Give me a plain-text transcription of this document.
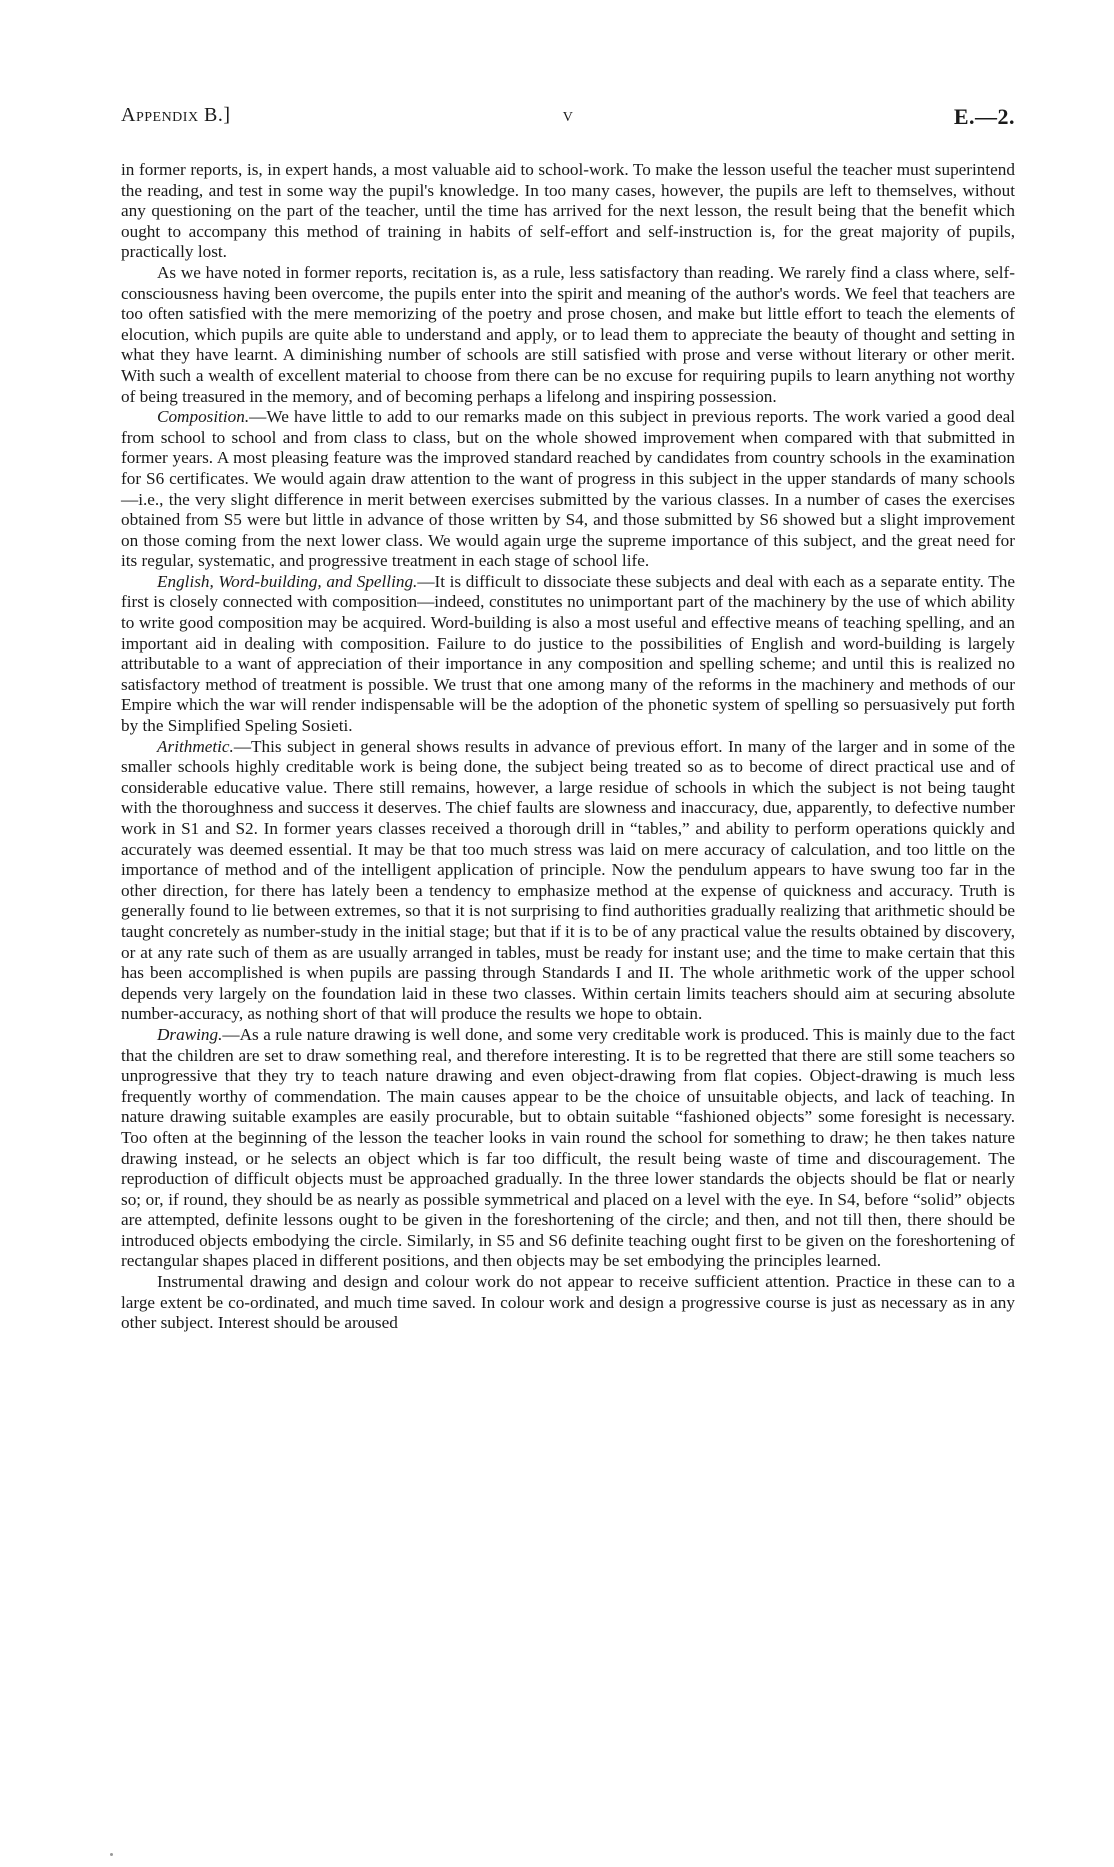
Appendix B.]	v	E.—2.

in former reports, is, in expert hands, a most valuable aid to school-work. To make the lesson useful the teacher must superintend the reading, and test in some way the pupil's knowledge. In too many cases, however, the pupils are left to themselves, without any questioning on the part of the teacher, until the time has arrived for the next lesson, the result being that the benefit which ought to accompany this method of training in habits of self-effort and self-instruction is, for the great majority of pupils, practically lost.

As we have noted in former reports, recitation is, as a rule, less satisfactory than reading. We rarely find a class where, self-consciousness having been overcome, the pupils enter into the spirit and meaning of the author's words. We feel that teachers are too often satisfied with the mere memorizing of the poetry and prose chosen, and make but little effort to teach the elements of elocution, which pupils are quite able to understand and apply, or to lead them to appreciate the beauty of thought and setting in what they have learnt. A diminishing number of schools are still satisfied with prose and verse without literary or other merit. With such a wealth of excellent material to choose from there can be no excuse for requiring pupils to learn anything not worthy of being treasured in the memory, and of becoming perhaps a lifelong and inspiring possession.

Composition.—We have little to add to our remarks made on this subject in previous reports. The work varied a good deal from school to school and from class to class, but on the whole showed improvement when compared with that submitted in former years. A most pleasing feature was the improved standard reached by candidates from country schools in the examination for S6 certificates. We would again draw attention to the want of progress in this subject in the upper standards of many schools—i.e., the very slight difference in merit between exercises submitted by the various classes. In a number of cases the exercises obtained from S5 were but little in advance of those written by S4, and those submitted by S6 showed but a slight improvement on those coming from the next lower class. We would again urge the supreme importance of this subject, and the great need for its regular, systematic, and progressive treatment in each stage of school life.

English, Word-building, and Spelling.—It is difficult to dissociate these subjects and deal with each as a separate entity. The first is closely connected with composition—indeed, constitutes no unimportant part of the machinery by the use of which ability to write good composition may be acquired. Word-building is also a most useful and effective means of teaching spelling, and an important aid in dealing with composition. Failure to do justice to the possibilities of English and word-building is largely attributable to a want of appreciation of their importance in any composition and spelling scheme; and until this is realized no satisfactory method of treatment is possible. We trust that one among many of the reforms in the machinery and methods of our Empire which the war will render indispensable will be the adoption of the phonetic system of spelling so persuasively put forth by the Simplified Speling Sosieti.

Arithmetic.—This subject in general shows results in advance of previous effort. In many of the larger and in some of the smaller schools highly creditable work is being done, the subject being treated so as to become of direct practical use and of considerable educative value. There still remains, however, a large residue of schools in which the subject is not being taught with the thoroughness and success it deserves. The chief faults are slowness and inaccuracy, due, apparently, to defective number work in S1 and S2. In former years classes received a thorough drill in “tables,” and ability to perform operations quickly and accurately was deemed essential. It may be that too much stress was laid on mere accuracy of calculation, and too little on the importance of method and of the intelligent application of principle. Now the pendulum appears to have swung too far in the other direction, for there has lately been a tendency to emphasize method at the expense of quickness and accuracy. Truth is generally found to lie between extremes, so that it is not surprising to find authorities gradually realizing that arithmetic should be taught concretely as number-study in the initial stage; but that if it is to be of any practical value the results obtained by discovery, or at any rate such of them as are usually arranged in tables, must be ready for instant use; and the time to make certain that this has been accomplished is when pupils are passing through Standards I and II. The whole arithmetic work of the upper school depends very largely on the foundation laid in these two classes. Within certain limits teachers should aim at securing absolute number-accuracy, as nothing short of that will produce the results we hope to obtain.

Drawing.—As a rule nature drawing is well done, and some very creditable work is produced. This is mainly due to the fact that the children are set to draw something real, and therefore interesting. It is to be regretted that there are still some teachers so unprogressive that they try to teach nature drawing and even object-drawing from flat copies. Object-drawing is much less frequently worthy of commendation. The main causes appear to be the choice of unsuitable objects, and lack of teaching. In nature drawing suitable examples are easily procurable, but to obtain suitable “fashioned objects” some foresight is necessary. Too often at the beginning of the lesson the teacher looks in vain round the school for something to draw; he then takes nature drawing instead, or he selects an object which is far too difficult, the result being waste of time and discouragement. The reproduction of difficult objects must be approached gradually. In the three lower standards the objects should be flat or nearly so; or, if round, they should be as nearly as possible symmetrical and placed on a level with the eye. In S4, before “solid” objects are attempted, definite lessons ought to be given in the foreshortening of the circle; and then, and not till then, there should be introduced objects embodying the circle. Similarly, in S5 and S6 definite teaching ought first to be given on the foreshortening of rectangular shapes placed in different positions, and then objects may be set embodying the principles learned.

Instrumental drawing and design and colour work do not appear to receive sufficient attention. Practice in these can to a large extent be co-ordinated, and much time saved. In colour work and design a progressive course is just as necessary as in any other subject. Interest should be aroused
